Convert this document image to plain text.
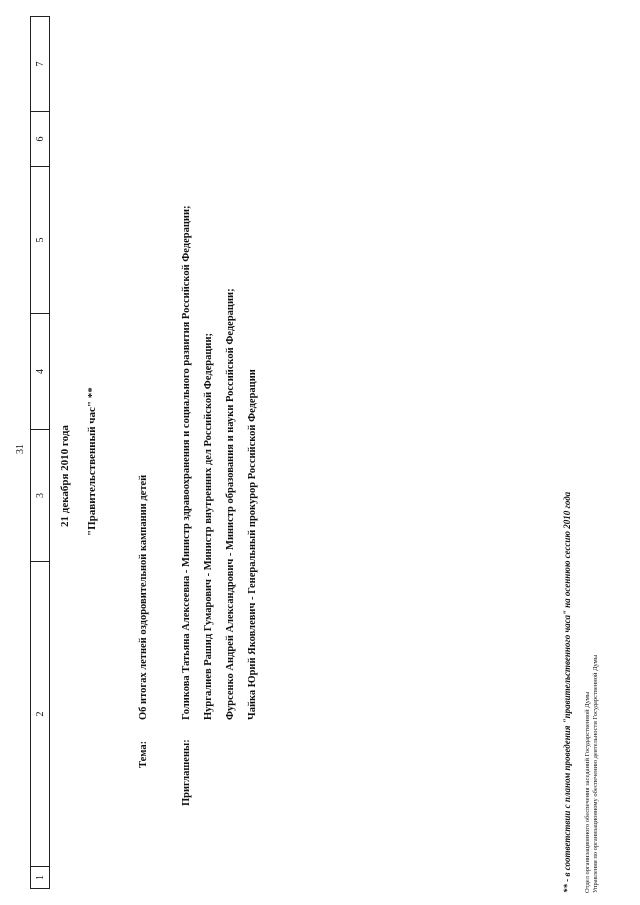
1
2
3
4
5
6
7
31	21 декабря 2010 года "Правительственный час" **
Тема:
Об итогах летней оздоровительной кампании детей
Приглашены:
Голикова Татьяна Алексеевна - Министр здравоохранения и социального развития Российской Федерации; Нургалиев Рашид Гумарович - Министр внутренних дел Российской Федерации; Фурсенко Андрей Александрович - Министр образования и науки Российской Федерации; Чайка Юрий Яковлевич - Генеральный прокурор Российской Федерации	** - в соответствии с планом проведения "правительственного часа" на осеннюю сессию 2010 года Отдел организационного обеспечения заседаний Государственной Думы Управления по организационному обеспечению деятельности Государственной Думы
